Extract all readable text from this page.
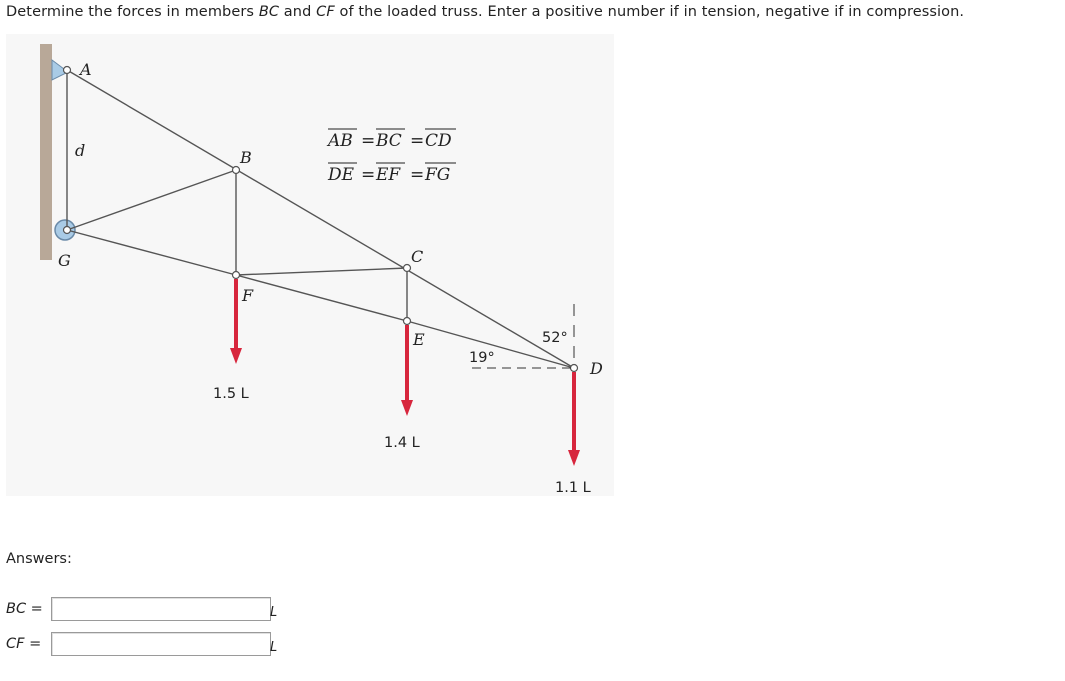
Determine the forces in members BC and CF of the loaded truss. Enter a positive number if in tension, negative if in compression.
A
B
C
D
E
F
G
d	AB = BC = CD
DE = EF = FG
52°
19°
1.5 L
1.4 L
1.1 L
Answers:
BC =	L
CF =	L
